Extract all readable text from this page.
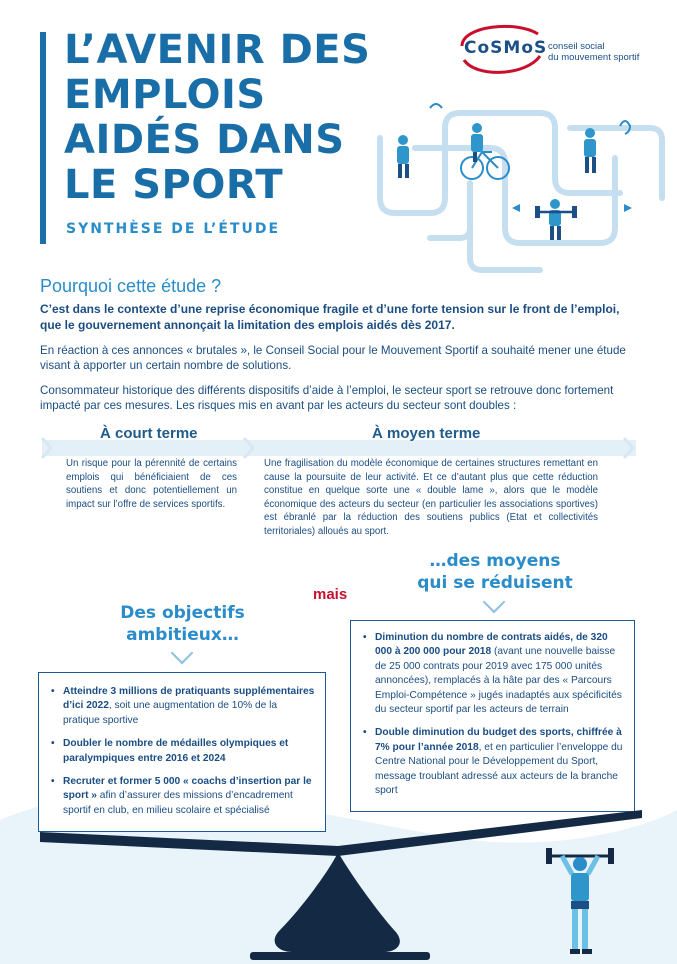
L’AVENIR DES
EMPLOIS
AIDÉS DANS
LE SPORT
SYNTHÈSE DE L’ÉTUDE
CoSMoS conseil social
du mouvement sportif
Pourquoi cette étude ?

C’est dans le contexte d’une reprise économique fragile et d’une forte tension sur le front de l’emploi, que le gouvernement annonçait la limitation des emplois aidés dès 2017.

En réaction à ces annonces « brutales », le Conseil Social pour le Mouvement Sportif a souhaité mener une étude visant à apporter un certain nombre de solutions.

Consommateur historique des différents dispositifs d’aide à l’emploi, le secteur sport se retrouve donc fortement impacté par ces mesures. Les risques mis en avant par les acteurs du secteur sont doubles :

À court terme	À moyen terme

Un risque pour la pérennité de certains emplois qui bénéficiaient de ces soutiens et donc potentiellement un impact sur l’offre de services sportifs.

Une fragilisation du modèle économique de certaines structures remettant en cause la poursuite de leur activité. Et ce d’autant plus que cette réduction constitue en quelque sorte une « double lame », alors que le modèle économique des acteurs du secteur (en particulier les associations sportives) est ébranlé par la réduction des soutiens publics (Etat et collectivités territoriales) alloués au sport.

…des moyens
qui se réduisent
mais
Des objectifs
ambitieux…
• Atteindre 3 millions de pratiquants supplémentaires d’ici 2022, soit une augmentation de 10% de la pratique sportive
• Doubler le nombre de médailles olympiques et paralympiques entre 2016 et 2024
• Recruter et former 5 000 « coachs d’insertion par le sport » afin d’assurer des missions d’encadrement sportif en club, en milieu scolaire et spécialisé
• Diminution du nombre de contrats aidés, de 320 000 à 200 000 pour 2018 (avant une nouvelle baisse de 25 000 contrats pour 2019 avec 175 000 unités annoncées), remplacés à la hâte par des « Parcours Emploi-Compétence » jugés inadaptés aux spécificités du secteur sportif par les acteurs de terrain
• Double diminution du budget des sports, chiffrée à 7% pour l’année 2018, et en particulier l’enveloppe du Centre National pour le Développement du Sport, message troublant adressé aux acteurs de la branche sport
